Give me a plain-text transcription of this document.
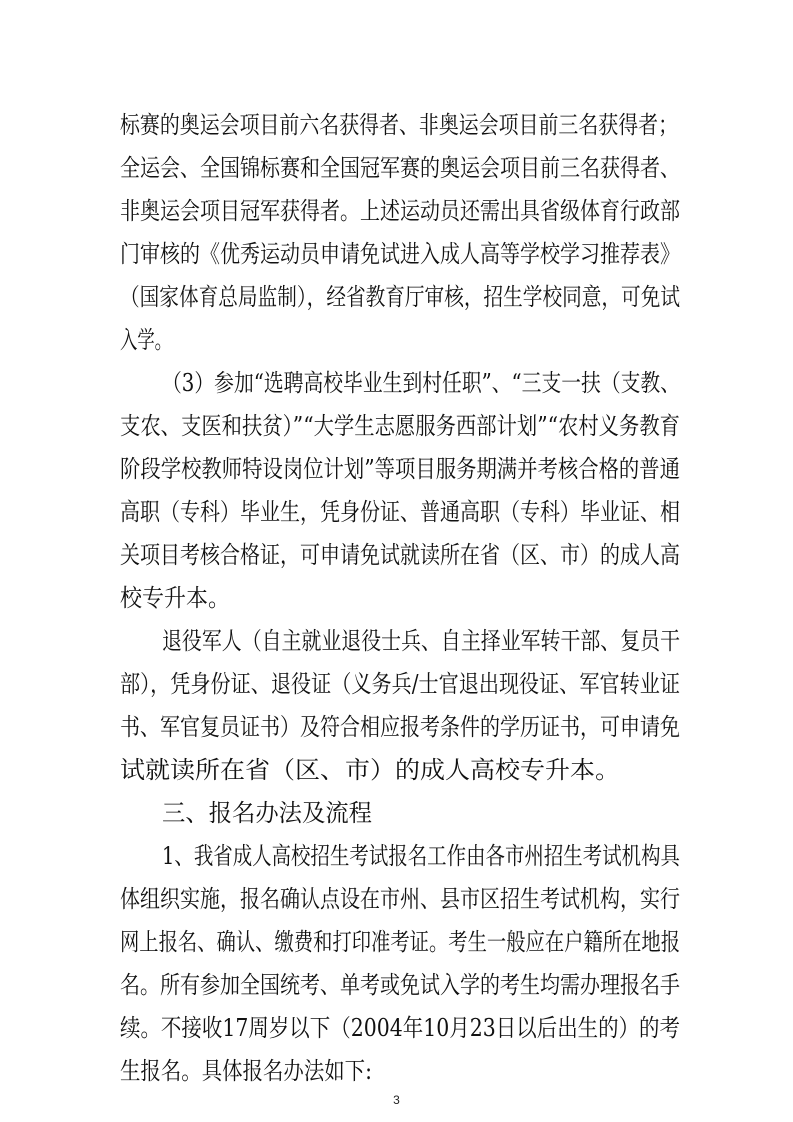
标赛的奥运会项目前六名获得者、非奥运会项目前三名获得者；
全运会、全国锦标赛和全国冠军赛的奥运会项目前三名获得者、
非奥运会项目冠军获得者。上述运动员还需出具省级体育行政部
门审核的《优秀运动员申请免试进入成人高等学校学习推荐表》
（国家体育总局监制），经省教育厅审核，招生学校同意，可免试
入学。
（3）参加“选聘高校毕业生到村任职”、“三支一扶（支教、
支农、支医和扶贫）”“大学生志愿服务西部计划”“农村义务教育
阶段学校教师特设岗位计划”等项目服务期满并考核合格的普通
高职（专科）毕业生，凭身份证、普通高职（专科）毕业证、相
关项目考核合格证，可申请免试就读所在省（区、市）的成人高
校专升本。
退役军人（自主就业退役士兵、自主择业军转干部、复员干
部），凭身份证、退役证（义务兵/士官退出现役证、军官转业证
书、军官复员证书）及符合相应报考条件的学历证书，可申请免
试就读所在省（区、市）的成人高校专升本。
三、报名办法及流程
1、我省成人高校招生考试报名工作由各市州招生考试机构具
体组织实施，报名确认点设在市州、县市区招生考试机构，实行
网上报名、确认、缴费和打印准考证。考生一般应在户籍所在地报
名。所有参加全国统考、单考或免试入学的考生均需办理报名手
续。不接收17周岁以下（2004年10月23日以后出生的）的考
生报名。具体报名办法如下:
3
